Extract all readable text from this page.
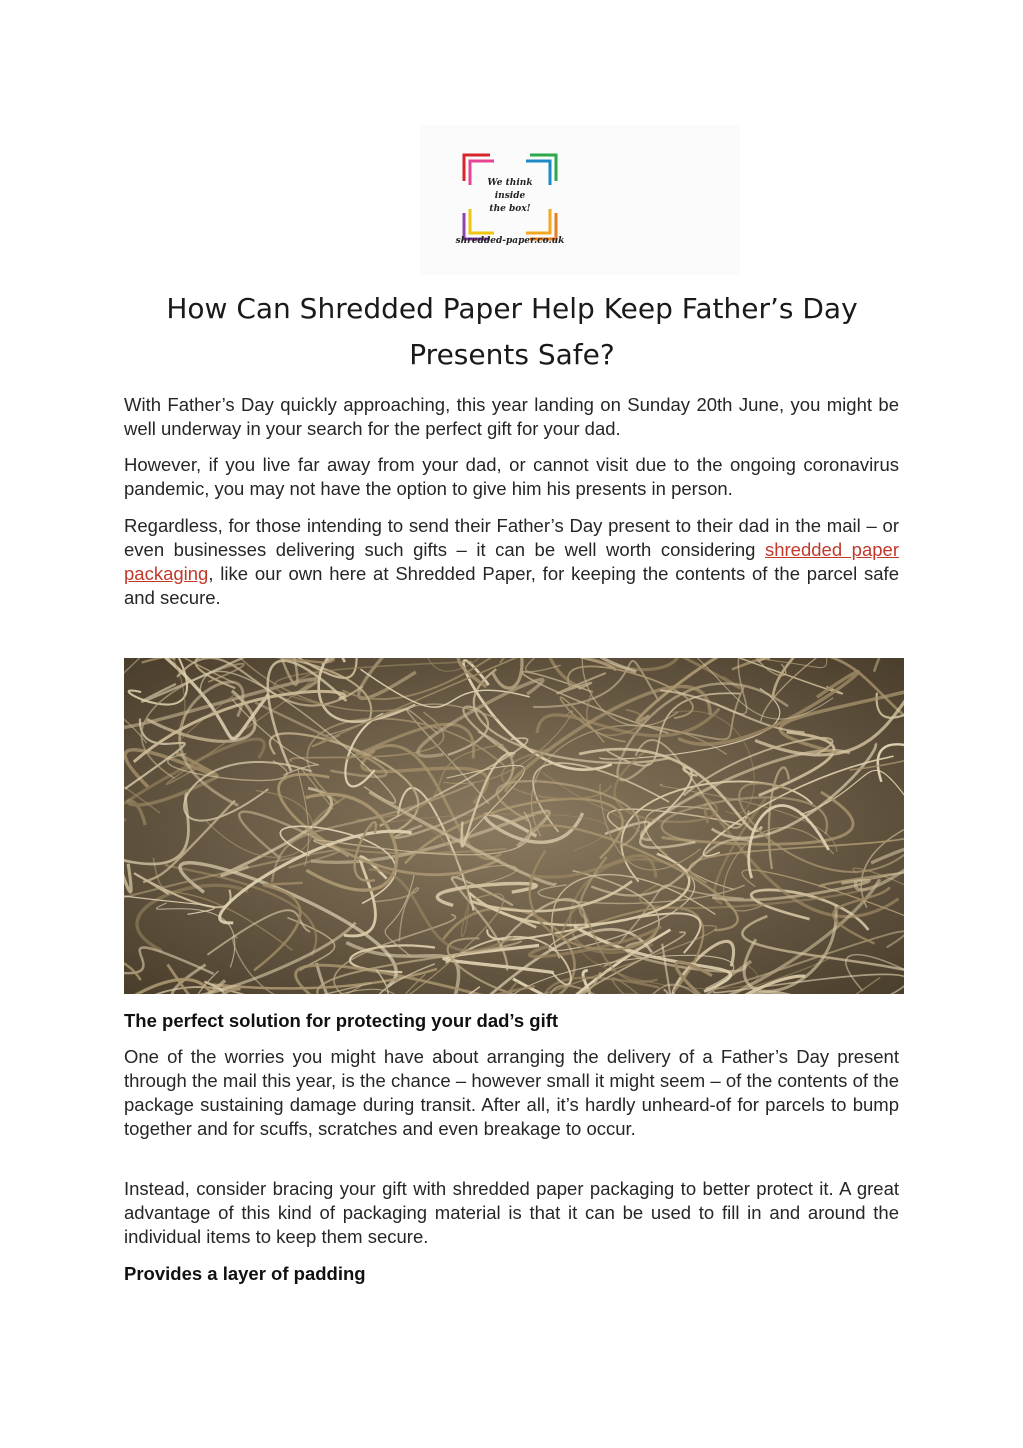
We think
inside
the box!
shredded-paper.co.uk
How Can Shredded Paper Help Keep Father’s Day
Presents Safe?

With Father’s Day quickly approaching, this year landing on Sunday 20th June, you might be well underway in your search for the perfect gift for your dad.

However, if you live far away from your dad, or cannot visit due to the ongoing coronavirus pandemic, you may not have the option to give him his presents in person.

Regardless, for those intending to send their Father’s Day present to their dad in the mail – or even businesses delivering such gifts – it can be well worth considering shredded paper packaging, like our own here at Shredded Paper, for keeping the contents of the parcel safe and secure.

The perfect solution for protecting your dad’s gift

One of the worries you might have about arranging the delivery of a Father’s Day present through the mail this year, is the chance – however small it might seem – of the contents of the package sustaining damage during transit. After all, it’s hardly unheard-of for parcels to bump together and for scuffs, scratches and even breakage to occur.

Instead, consider bracing your gift with shredded paper packaging to better protect it. A great advantage of this kind of packaging material is that it can be used to fill in and around the individual items to keep them secure.

Provides a layer of padding
